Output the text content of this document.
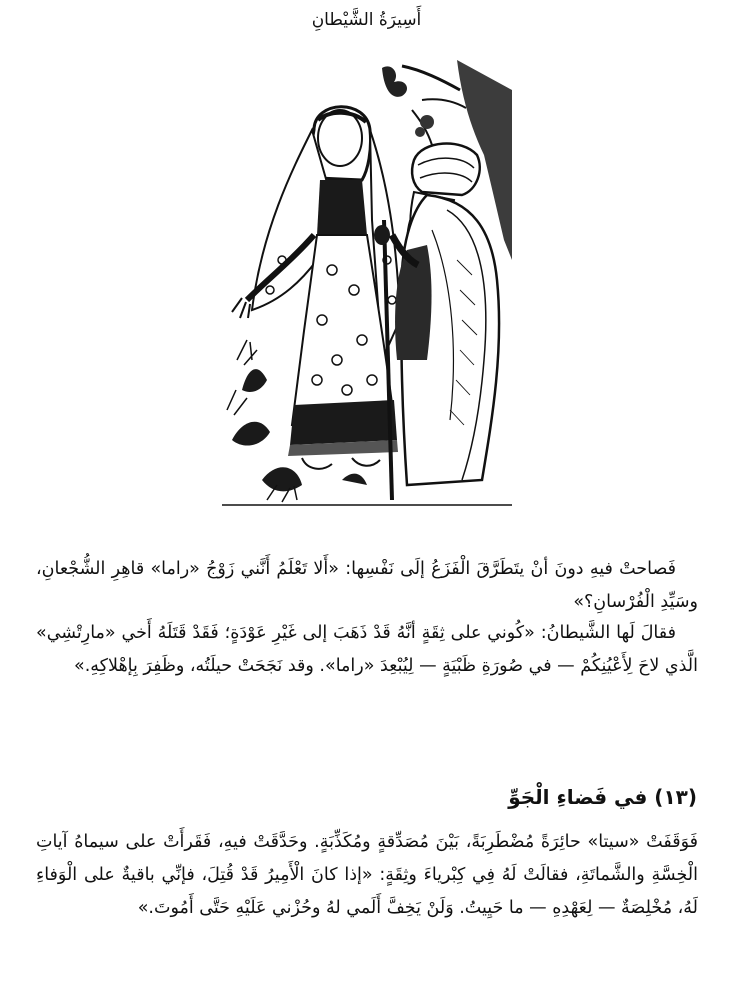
أَسِيرَةُ الشَّيْطانِ

فَصاحتْ فيهِ دونَ أنْ يتَطَرَّقَ الْفَزَعُ إلَى نَفْسِها: «أَلا تَعْلَمُ أَنَّني زَوْجُ «راما» قاهِرِ الشُّجْعانِ، وسَيِّدِ الْفُرْسانِ؟»

فقالَ لَها الشَّيطانُ: «كُوني على ثِقَةٍ أنَّهُ قَدْ ذَهَبَ إلى غَيْرِ عَوْدَةٍ؛ فَقَدْ قَتَلَهُ أَخي «مارِتْشِي» الَّذي لاحَ لِأَعْيُنِكُمْ — في صُورَةِ ظَبْيَةٍ — لِيُبْعِدَ «راما». وقد نَجَحَتْ حيلَتُه، وظَفِرَ بِإهْلاكِهِ.»

(١٣) في فَضاءِ الْجَوِّ

فَوَقَفَتْ «سيتا» حائِرَةً مُضْطَرِبَةً، بَيْنَ مُصَدِّقةٍ ومُكَذِّبَةٍ. وحَدَّقَتْ فيهِ، فَقَرأَتْ على سيماهُ آياتِ الْخِسَّةِ والشَّماتَةِ، فقالَتْ لَهُ فِي كِبْرياءَ وثِقَةٍ: «إذا كانَ الْأَمِيرُ قَدْ قُتِلَ، فإنِّي باقيةٌ على الْوَفاءِ لَهُ، مُخْلِصَةٌ — لِعَهْدِهِ — ما حَيِيتُ. وَلَنْ يَخِفَّ أَلَمي لهُ وحُزْني عَلَيْهِ حَتَّى أَمُوتَ.»
